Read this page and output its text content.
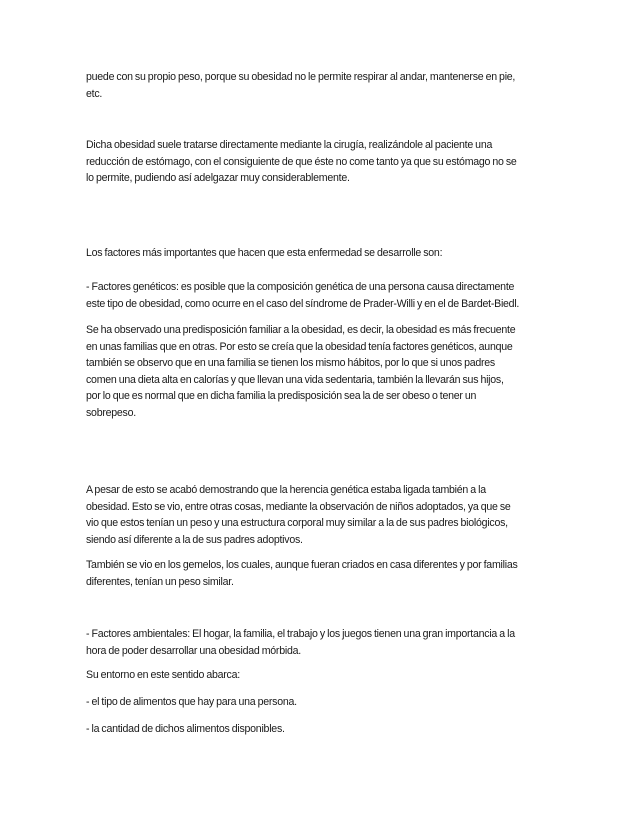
puede con su propio peso, porque su obesidad no le permite respirar al andar, mantenerse en pie,
etc.

Dicha obesidad suele tratarse directamente mediante la cirugía, realizándole al paciente una
reducción de estómago, con el consiguiente de que éste no come tanto ya que su estómago no se
lo permite, pudiendo así adelgazar muy considerablemente.

Los factores más importantes que hacen que esta enfermedad se desarrolle son:

- Factores genéticos: es posible que la composición genética de una persona causa directamente
este tipo de obesidad, como ocurre en el caso del síndrome de Prader-Willi y en el de Bardet-Biedl.

Se ha observado una predisposición familiar a la obesidad, es decir, la obesidad es más frecuente
en unas familias que en otras. Por esto se creía que la obesidad tenía factores genéticos, aunque
también se observo que en una familia se tienen los mismo hábitos, por lo que si unos padres
comen una dieta alta en calorías y que llevan una vida sedentaria, también la llevarán sus hijos,
por lo que es normal que en dicha familia la predisposición sea la de ser obeso o tener un
sobrepeso.

A pesar de esto se acabó demostrando que la herencia genética estaba ligada también a la
obesidad. Esto se vio, entre otras cosas, mediante la observación de niños adoptados, ya que se
vio que estos tenían un peso y una estructura corporal muy similar a la de sus padres biológicos,
siendo así diferente a la de sus padres adoptivos.

También se vio en los gemelos, los cuales, aunque fueran criados en casa diferentes y por familias
diferentes, tenían un peso similar.

- Factores ambientales: El hogar, la familia, el trabajo y los juegos tienen una gran importancia a la
hora de poder desarrollar una obesidad mórbida.

Su entorno en este sentido abarca:

- el tipo de alimentos que hay para una persona.

- la cantidad de dichos alimentos disponibles.
